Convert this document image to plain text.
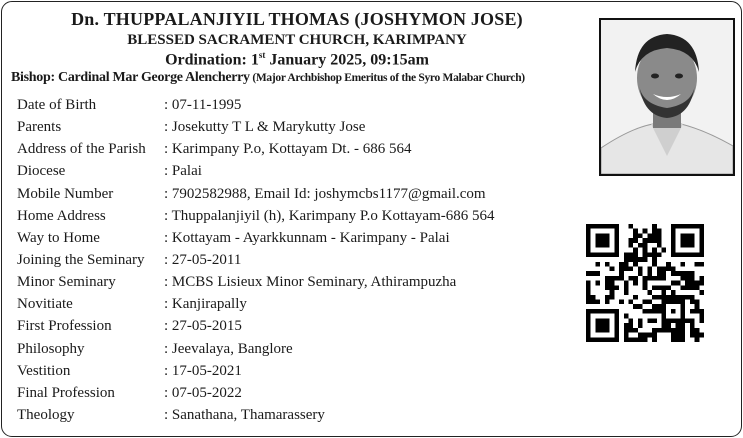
Dn. THUPPALANJIYIL THOMAS (JOSHYMON JOSE)
BLESSED SACRAMENT CHURCH, KARIMPANY
Ordination: 1st January 2025, 09:15am
Bishop: Cardinal Mar George Alencherry (Major Archbishop Emeritus of the Syro Malabar Church)
Date of Birth	: 07-11-1995
Parents	: Josekutty T L & Marykutty Jose
Address of the Parish : Karimpany P.o, Kottayam Dt. - 686 564
Diocese	: Palai
Mobile Number	: 7902582988, Email Id: joshymcbs1177@gmail.com
Home Address	: Thuppalanjiyil (h), Karimpany P.o Kottayam-686 564
Way to Home	: Kottayam - Ayarkkunnam - Karimpany - Palai
Joining the Seminary : 27-05-2011
Minor Seminary	: MCBS Lisieux Minor Seminary, Athirampuzha
Novitiate	: Kanjirapally
First Profession	: 27-05-2015
Philosophy	: Jeevalaya, Banglore
Vestition	: 17-05-2021
Final Profession	: 07-05-2022
Theology	: Sanathana, Thamarassery
